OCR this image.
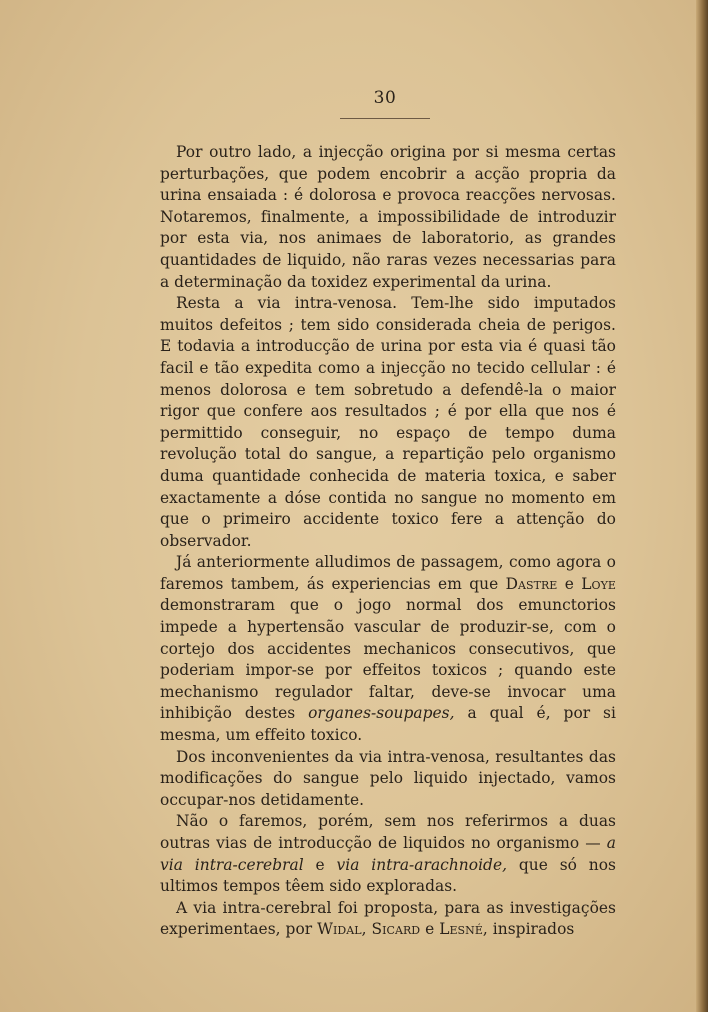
30

Por outro lado, a injecção origina por si mesma certas perturbações, que podem encobrir a acção propria da urina ensaiada : é dolorosa e provoca reacções nervosas. Notaremos, finalmente, a impossibilidade de introduzir por esta via, nos animaes de laboratorio, as grandes quantidades de liquido, não raras vezes necessarias para a determinação da toxidez experimental da urina.

Resta a via intra-venosa. Tem-lhe sido imputados muitos defeitos ; tem sido considerada cheia de perigos. E todavia a introducção de urina por esta via é quasi tão facil e tão expedita como a injecção no tecido cellular : é menos dolorosa e tem sobretudo a defendê-la o maior rigor que confere aos resultados ; é por ella que nos é permittido conseguir, no espaço de tempo duma revolução total do sangue, a repartição pelo organismo duma quantidade conhecida de materia toxica, e saber exactamente a dóse contida no sangue no momento em que o primeiro accidente toxico fere a attenção do observador.

Já anteriormente alludimos de passagem, como agora o faremos tambem, ás experiencias em que Dastre e Loye demonstraram que o jogo normal dos emunctorios impede a hypertensão vascular de produzir-se, com o cortejo dos accidentes mechanicos consecutivos, que poderiam impor-se por effeitos toxicos ; quando este mechanismo regulador faltar, deve-se invocar uma inhibição destes organes-soupapes, a qual é, por si mesma, um effeito toxico.

Dos inconvenientes da via intra-venosa, resultantes das modificações do sangue pelo liquido injectado, vamos occupar-nos detidamente.

Não o faremos, porém, sem nos referirmos a duas outras vias de introducção de liquidos no organismo — a via intra-cerebral e via intra-arachnoide, que só nos ultimos tempos têem sido exploradas.

A via intra-cerebral foi proposta, para as investigações experimentaes, por Widal, Sicard e Lesné, inspirados
